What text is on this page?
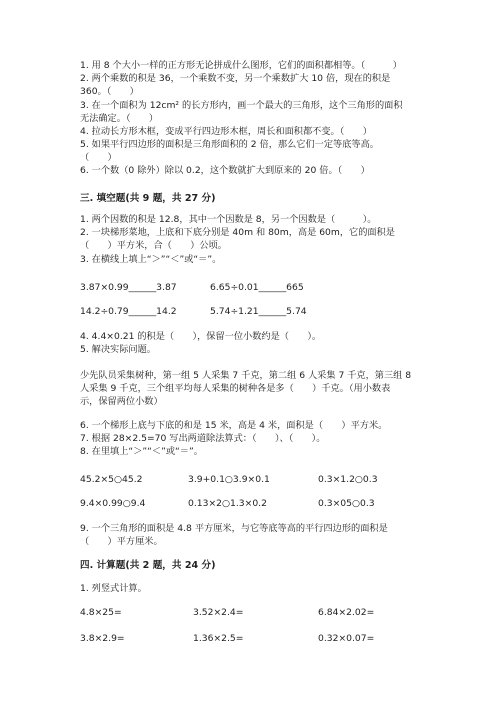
1. 用 8 个大小一样的正方形无论拼成什么图形，它们的面积都相等。（　　　）
2. 两个乘数的积是 36，一个乘数不变，另一个乘数扩大 10 倍，现在的积是
360。（　　）
3. 在一个面积为 12cm² 的长方形内，画一个最大的三角形，这个三角形的面积
无法确定。（　　）
4. 拉动长方形木框，变成平行四边形木框，周长和面积都不变。（　　）
5. 如果平行四边形的面积是三角形面积的 2 倍，那么它们一定等底等高。
（　　）
6. 一个数（0 除外）除以 0.2，这个数就扩大到原来的 20 倍。（　　）
三. 填空题(共 9 题，共 27 分)
1. 两个因数的积是 12.8，其中一个因数是 8，另一个因数是（　　　）。
2. 一块梯形菜地，上底和下底分别是 40m 和 80m，高是 60m，它的面积是
（　　）平方米，合（　　）公顷。
3. 在横线上填上“＞”“＜”或“＝”。
3.87×0.99______3.87	6.65÷0.01______665
14.2÷0.79______14.2	5.74÷1.21______5.74
4. 4.4×0.21 的积是（　　），保留一位小数约是（　　）。
5. 解决实际问题。
少先队员采集树种，第一组 5 人采集 7 千克，第二组 6 人采集 7 千克，第三组 8
人采集 9 千克，三个组平均每人采集的树种各是多（　　）千克。（用小数表
示，保留两位小数）
6. 一个梯形上底与下底的和是 15 米，高是 4 米，面积是（　　）平方米。
7. 根据 28×2.5=70 写出两道除法算式：（　　）、（　　）。
8. 在里填上“＞”“＜”或“＝”。
45.2×5○45.2	3.9+0.1○3.9×0.1	0.3×1.2○0.3
9.4×0.99○9.4	0.13×2○1.3×0.2	0.3×05○0.3
9. 一个三角形的面积是 4.8 平方厘米，与它等底等高的平行四边形的面积是
（　　）平方厘米。
四. 计算题(共 2 题，共 24 分)
1. 列竖式计算。
4.8×25=	3.52×2.4=	6.84×2.02=
3.8×2.9=	1.36×2.5=	0.32×0.07=
